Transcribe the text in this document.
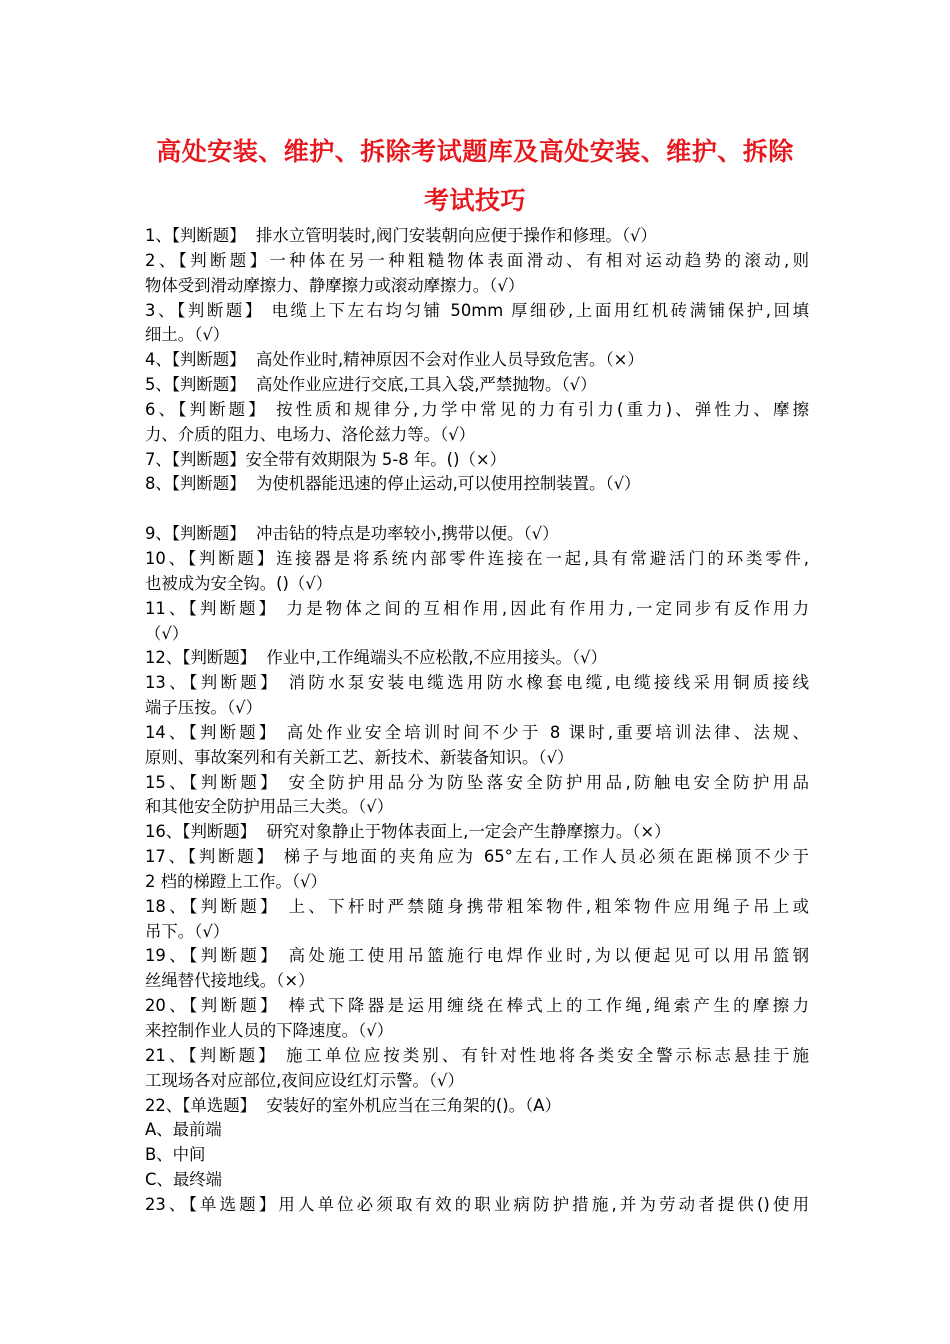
高处安装、维护、拆除考试题库及高处安装、维护、拆除
考试技巧
1、【判断题】  排水立管明装时,阀门安装朝向应便于操作和修理。（√）
2、【判断题】一种体在另一种粗糙物体表面滑动、有相对运动趋势的滚动,则
物体受到滑动摩擦力、静摩擦力或滚动摩擦力。（√）
3、【判断题】 电缆上下左右均匀铺 50mm 厚细砂,上面用红机砖满铺保护,回填
细土。（√）
4、【判断题】  高处作业时,精神原因不会对作业人员导致危害。（×）
5、【判断题】  高处作业应进行交底,工具入袋,严禁抛物。（√）
6、【判断题】 按性质和规律分,力学中常见的力有引力(重力)、弹性力、摩擦
力、介质的阻力、电场力、洛伦兹力等。（√）
7、【判断题】安全带有效期限为 5-8 年。()（×）
8、【判断题】  为使机器能迅速的停止运动,可以使用控制装置。（√）
9、【判断题】  冲击钻的特点是功率较小,携带以便。（√）
10、【判断题】连接器是将系统内部零件连接在一起,具有常避活门的环类零件,
也被成为安全钩。()（√）
11、【判断题】 力是物体之间的互相作用,因此有作用力,一定同步有反作用力
（√）
12、【判断题】  作业中,工作绳端头不应松散,不应用接头。（√）
13、【判断题】 消防水泵安装电缆选用防水橡套电缆,电缆接线采用铜质接线
端子压按。（√）
14、【判断题】 高处作业安全培训时间不少于 8 课时,重要培训法律、法规、
原则、事故案列和有关新工艺、新技术、新装备知识。（√）
15、【判断题】 安全防护用品分为防坠落安全防护用品,防触电安全防护用品
和其他安全防护用品三大类。（√）
16、【判断题】  研究对象静止于物体表面上,一定会产生静摩擦力。（×）
17、【判断题】 梯子与地面的夹角应为 65°左右,工作人员必须在距梯顶不少于
2 档的梯蹬上工作。（√）
18、【判断题】 上、下杆时严禁随身携带粗笨物件,粗笨物件应用绳子吊上或
吊下。（√）
19、【判断题】 高处施工使用吊篮施行电焊作业时,为以便起见可以用吊篮钢
丝绳替代接地线。（×）
20、【判断题】 棒式下降器是运用缠绕在棒式上的工作绳,绳索产生的摩擦力
来控制作业人员的下降速度。（√）
21、【判断题】 施工单位应按类别、有针对性地将各类安全警示标志悬挂于施
工现场各对应部位,夜间应设红灯示警。（√）
22、【单选题】  安装好的室外机应当在三角架的()。（A）
A、最前端
B、中间
C、最终端
23、【单选题】用人单位必须取有效的职业病防护措施,并为劳动者提供()使用
